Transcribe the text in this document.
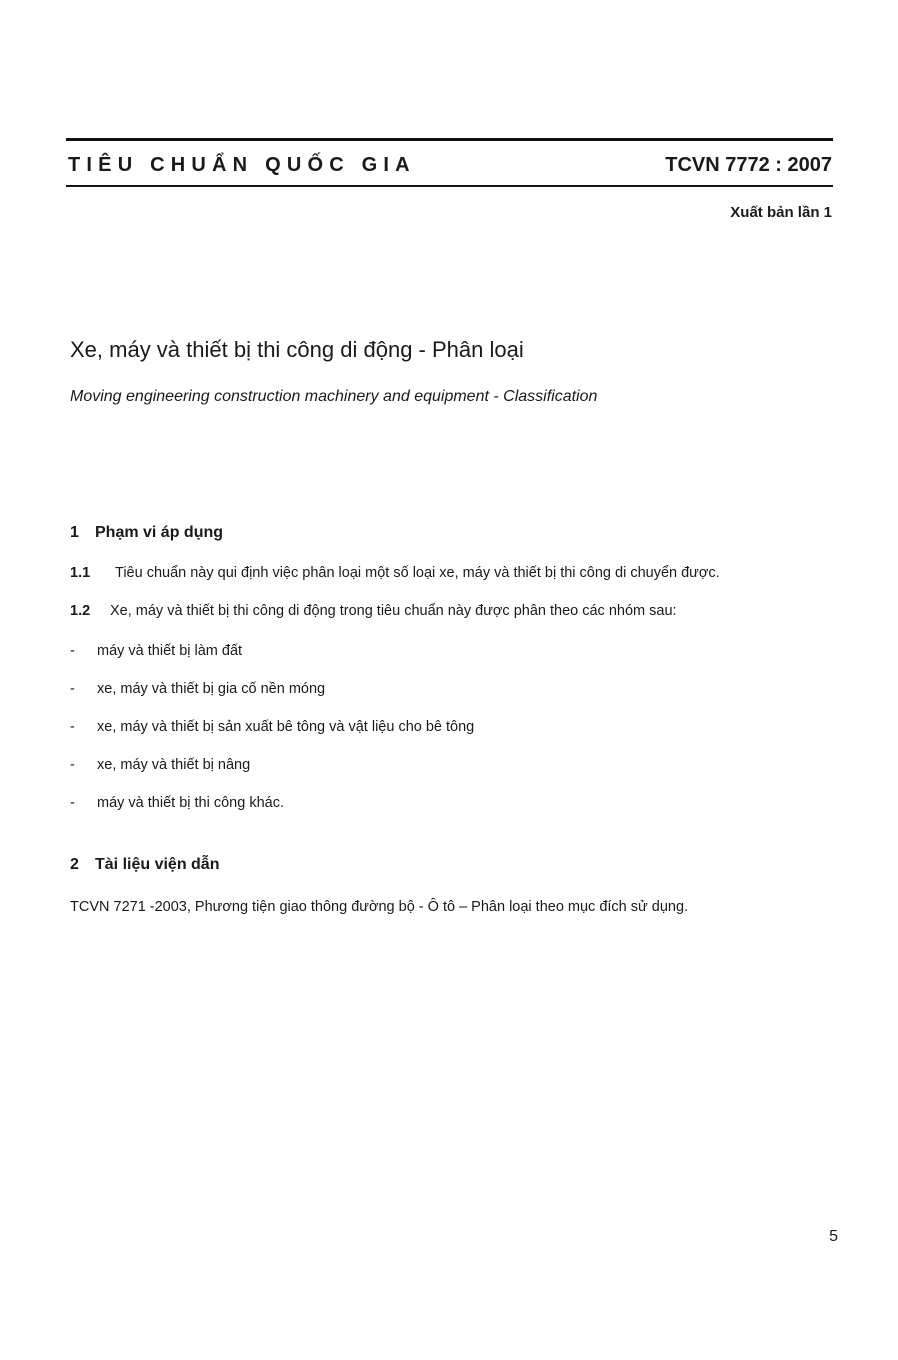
TIÊU CHUẨN QUỐC GIA	TCVN 7772 : 2007
Xuất bản lần 1
Xe, máy và thiết bị thi công di động - Phân loại
Moving engineering construction machinery and equipment - Classification
1 Phạm vi áp dụng
1.1 Tiêu chuẩn này qui định việc phân loại một số loại xe, máy và thiết bị thi công di chuyển được.
1.2 Xe, máy và thiết bị thi công di động trong tiêu chuẩn này được phân theo các nhóm sau:
- máy và thiết bị làm đất
- xe, máy và thiết bị gia cố nền móng
- xe, máy và thiết bị sản xuất bê tông và vật liệu cho bê tông
- xe, máy và thiết bị nâng
- máy và thiết bị thi công khác.
2 Tài liệu viện dẫn
TCVN 7271 -2003, Phương tiện giao thông đường bộ - Ô tô – Phân loại theo mục đích sử dụng.
5
